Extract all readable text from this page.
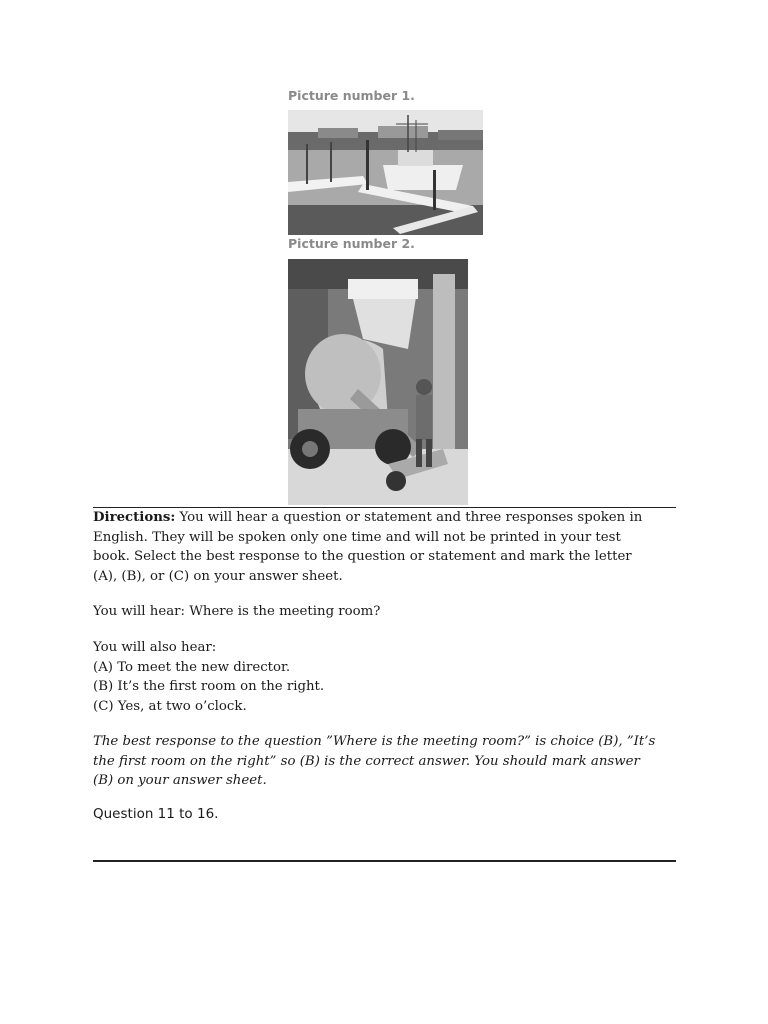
Picture number 1.
Picture number 2.

Directions: You will hear a question or statement and three responses spoken in English. They will be spoken only one time and will not be printed in your test book. Select the best response to the question or statement and mark the letter (A), (B), or (C) on your answer sheet.

You will hear: Where is the meeting room?

You will also hear:

(A) To meet the new director.

(B) It’s the first room on the right.

(C) Yes, at two o’clock.

The best response to the question ”Where is the meeting room?” is choice (B), ”It’s the first room on the right” so (B) is the correct answer. You should mark answer (B) on your answer sheet.

Question 11 to 16.
